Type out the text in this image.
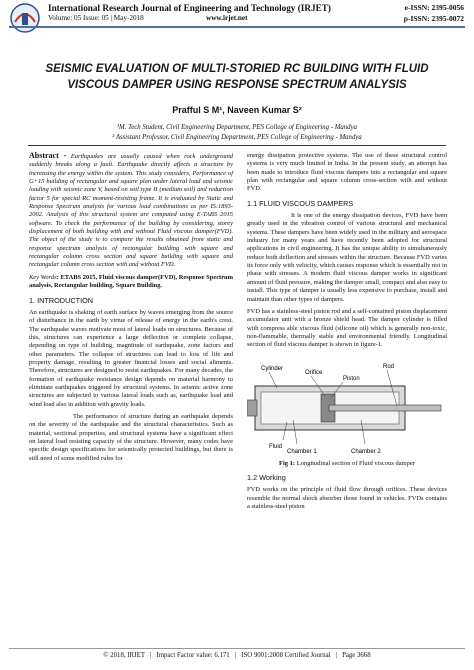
International Research Journal of Engineering and Technology (IRJET)
Volume: 05 Issue: 05 | May-2018	www.irjet.net
e-ISSN: 2395-0056
p-ISSN: 2395-0072
SEISMIC EVALUATION OF MULTI-STORIED RC BUILDING WITH FLUID VISCOUS DAMPER USING RESPONSE SPECTRUM ANALYSIS
Prafful S M¹, Naveen Kumar S²
¹M. Tech Student, Civil Engineering Department, PES College of Engineering - Mandya
² Assistant Professor, Civil Engineering Department, PES College of Engineering - Mandya

Abstract - Earthquakes are usually caused when rock underground suddenly breaks along a fault. Earthquake directly affects a structure by increasing the energy within the system. This study considers, Performance of G+15 building of rectangular and square plan under lateral load and seismic loading with seismic zone V, based on soil type II (medium soil) and reduction factor 5 for special RC moment-resisting frame. It is evaluated by Static and Response Spectrum analysis for various load combinations as per IS:1893-2002. Analysis of this structural system are computed using E-TABS 2015 software. To check the performance of the building by considering, storey displacement of both building with and without Fluid viscous damper(FVD). The object of the study is to compare the results obtained from static and response spectrum analysis of rectangular building with square and rectangular column cross section and square building with square and rectangular column cross section with and without FVD.

Key Words: ETABS 2015, Fluid viscous damper(FVD), Response Spectrum analysis, Rectangular building, Square Building.

1. INTRODUCTION

An earthquake is shaking of earth surface by waves emerging from the source of disturbance in the earth by virtue of release of energy in the earth's crest. The earthquake waves motivate most of lateral loads on structures. Because of this, structures can experience a large deflection or complete collapse, depending on type of building, magnitude of earthquake, zone factors and other parameters. The collapse of structures can lead to loss of life and property damage, resulting in greater financial losses and social aliments. Therefore, structures are designed to resist earthquakes. For many decades, the formation of earthquake resistance design depends on material harmony to eliminate earthquakes triggered by structural systems. In seismic active zone structures are subjected to various lateral loads such as, earthquake load and wind load also in addition with gravity loads.

The performance of structure during an earthquake depends on the severity of the earthquake and the structural characteristics. Such as material, sectional properties, and structural systems have a significant effect on lateral load resisting capacity of the structure. However, many codes have specific design specifications for seismically protected buildings, but there is still need of some modified rules for

energy dissipation protective systems. The use of these structural control systems is very much limited in India. In the present study, an attempt has been made to introduce fluid viscous dampers into a rectangular and square plan with rectangular and square column cross-section with and without FVD.

1.1 FLUID VISCOUS DAMPERS

It is one of the energy dissipation devices, FVD have been greatly used in the vibration control of various structural and mechanical systems. These dampers have been widely used in the military and aerospace industry for many years and have recently been adopted for structural applications in civil engineering. It has the unique ability to simultaneously reduce both deflection and stresses within the structure. Because FVD varies its force only with velocity, which causes response which is essentially not in phase with stresses. A modern fluid viscous damper works in significant amount of fluid pressure, making the damper small, compact and also easy to install. This type of damper is usually less expensive to purchase, install and maintain than other types of dampers.

FVD has a stainless-steel piston rod and a self-contained piston displacement accumulator unit with a bronze shield head. The damper cylinder is filled with compress able viscous fluid (silicone oil) which is generally non-toxic, non-flammable, thermally stable and environmental friendly. Longitudinal section of fluid viscous damper is shown in figure-1.

Cylinder
Orifice
Piston
Rod
Fluid
Chamber 1	Chamber 2
Fig 1: Longitudinal section of Fluid viscous damper
1.2 Working

FVD works on the principle of fluid flow through orifices. These devices resemble the normal shock absorber those found in vehicles. FVDs contains a stainless-steel piston

© 2018, IRJET   |   Impact Factor value: 6.171   |   ISO 9001:2008 Certified Journal   |   Page 3668
